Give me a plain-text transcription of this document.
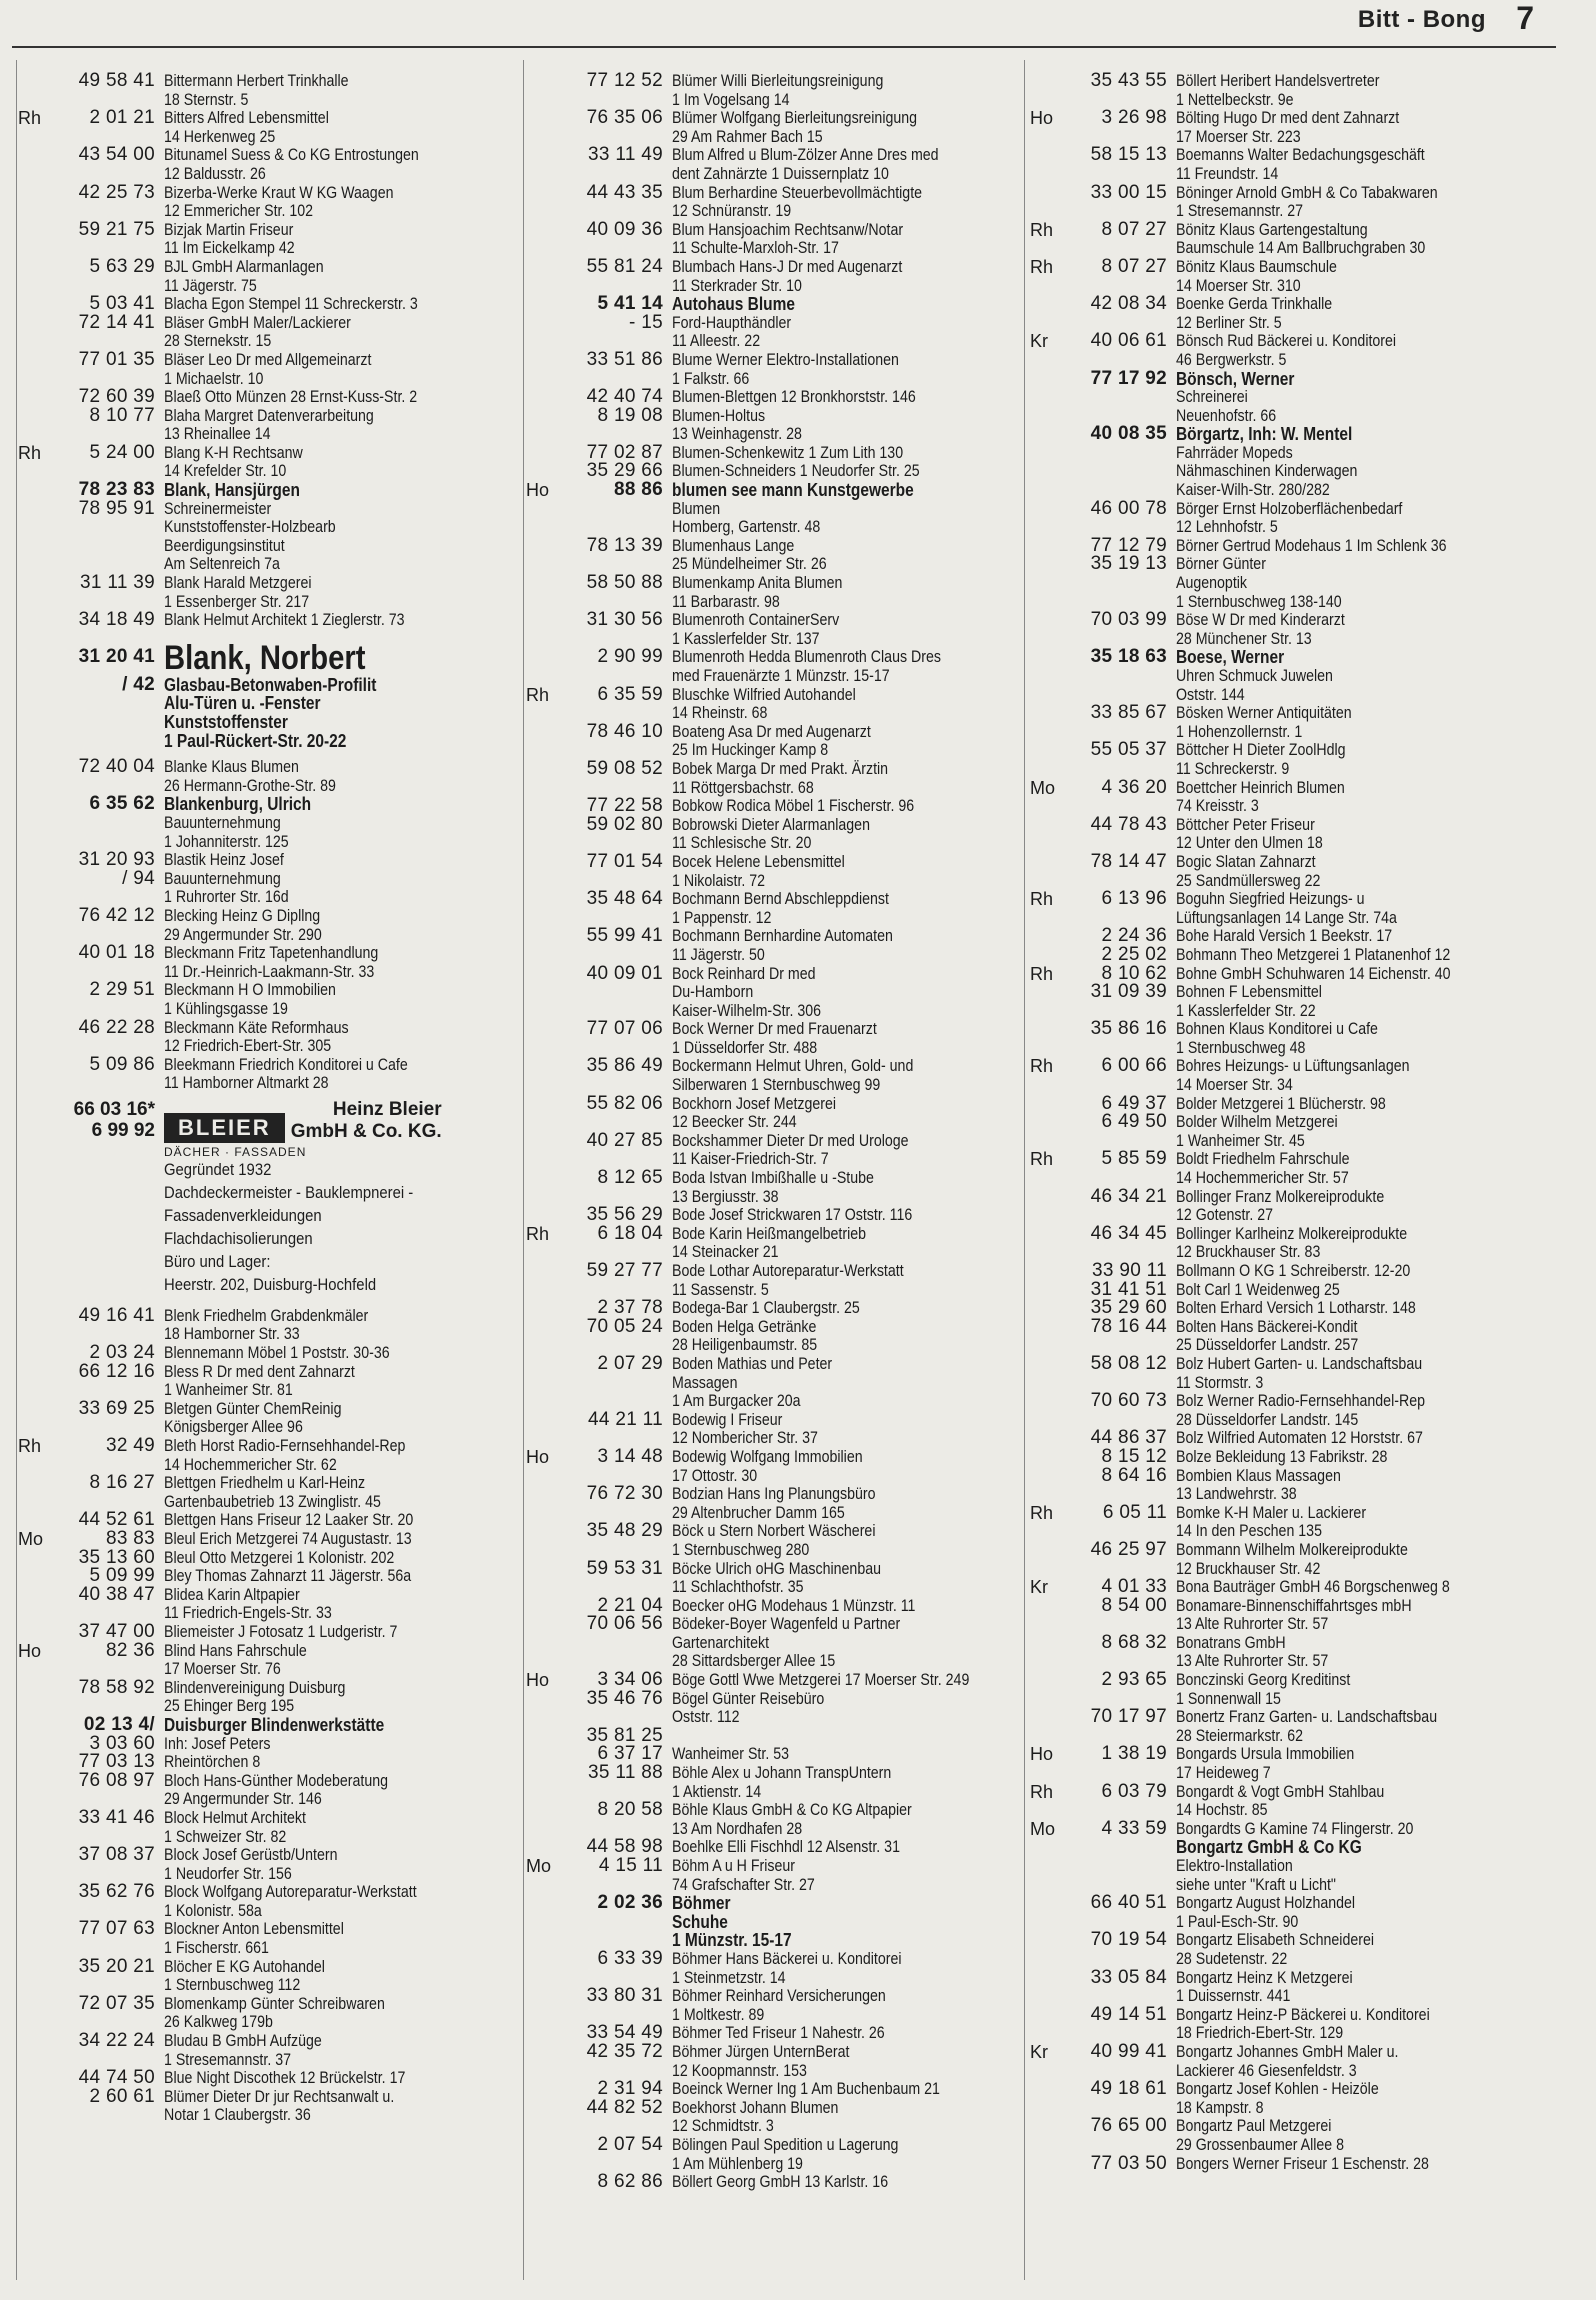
Bitt - Bong 7
49 58 41 Bittermann Herbert Trinkhalle
18 Sternstr. 5
Rh	2 01 21 Bitters Alfred Lebensmittel
14 Herkenweg 25
43 54 00 Bitunamel Suess & Co KG Entrostungen
12 Baldusstr. 26
42 25 73 Bizerba-Werke Kraut W KG Waagen
12 Emmericher Str. 102
59 21 75 Bizjak Martin Friseur
11 Im Eickelkamp 42
5 63 29 BJL GmbH Alarmanlagen
11 Jägerstr. 75
5 03 41 Blacha Egon Stempel 11 Schreckerstr. 3
72 14 41 Bläser GmbH Maler/Lackierer
28 Sternekstr. 15
77 01 35 Bläser Leo Dr med Allgemeinarzt
1 Michaelstr. 10
72 60 39 Blaeß Otto Münzen 28 Ernst-Kuss-Str. 2
8 10 77 Blaha Margret Datenverarbeitung
13 Rheinallee 14
Rh	5 24 00 Blang K-H Rechtsanw
14 Krefelder Str. 10
78 23 83 Blank, Hansjürgen
78 95 91 Schreinermeister
Kunststoffenster-Holzbearb
Beerdigungsinstitut
Am Seltenreich 7a
31 11 39 Blank Harald Metzgerei
1 Essenberger Str. 217
34 18 49 Blank Helmut Architekt 1 Zieglerstr. 73
31 20 41 Blank, Norbert
/ 42 Glasbau-Betonwaben-Profilit
Alu-Türen u. -Fenster
Kunststoffenster
1 Paul-Rückert-Str. 20-22
72 40 04 Blanke Klaus Blumen
26 Hermann-Grothe-Str. 89
6 35 62 Blankenburg, Ulrich
Bauunternehmung
1 Johanniterstr. 125
31 20 93 Blastik Heinz Josef
/ 94 Bauunternehmung
1 Ruhrorter Str. 16d
76 42 12 Blecking Heinz G Dipllng
29 Angermunder Str. 290
40 01 18 Bleckmann Fritz Tapetenhandlung
11 Dr.-Heinrich-Laakmann-Str. 33
2 29 51 Bleckmann H O Immobilien
1 Kühlingsgasse 19
46 22 28 Bleckmann Käte Reformhaus
12 Friedrich-Ebert-Str. 305
5 09 86 Bleekmann Friedrich Konditorei u Cafe
11 Hamborner Altmarkt 28
66 03 16*
6 99 92	BLEIER
Heinz Bleier
GmbH & Co. KG.
DÄCHER · FASSADEN
Gegründet 1932
Dachdeckermeister - Bauklempnerei -
Fassadenverkleidungen
Flachdachisolierungen
Büro und Lager:
Heerstr. 202, Duisburg-Hochfeld
49 16 41 Blenk Friedhelm Grabdenkmäler
18 Hamborner Str. 33
2 03 24 Blennemann Möbel 1 Poststr. 30-36
66 12 16 Bless R Dr med dent Zahnarzt
1 Wanheimer Str. 81
33 69 25 Bletgen Günter ChemReinig
Königsberger Allee 96
Rh	32 49 Bleth Horst Radio-Fernsehhandel-Rep
14 Hochemmericher Str. 62
8 16 27 Blettgen Friedhelm u Karl-Heinz
Gartenbaubetrieb 13 Zwinglistr. 45
44 52 61 Blettgen Hans Friseur 12 Laaker Str. 20
Mo	83 83 Bleul Erich Metzgerei 74 Augustastr. 13
35 13 60 Bleul Otto Metzgerei 1 Kolonistr. 202
5 09 99 Bley Thomas Zahnarzt 11 Jägerstr. 56a
40 38 47 Blidea Karin Altpapier
11 Friedrich-Engels-Str. 33
37 47 00 Bliemeister J Fotosatz 1 Ludgeristr. 7
Ho	82 36 Blind Hans Fahrschule
17 Moerser Str. 76
78 58 92 Blindenvereinigung Duisburg
25 Ehinger Berg 195
02 13 4/ Duisburger Blindenwerkstätte
3 03 60 Inh: Josef Peters
77 03 13 Rheintörchen 8
76 08 97 Bloch Hans-Günther Modeberatung
29 Angermunder Str. 146
33 41 46 Block Helmut Architekt
1 Schweizer Str. 82
37 08 37 Block Josef Gerüstb/Untern
1 Neudorfer Str. 156
35 62 76 Block Wolfgang Autoreparatur-Werkstatt
1 Kolonistr. 58a
77 07 63 Blockner Anton Lebensmittel
1 Fischerstr. 661
35 20 21 Blöcher E KG Autohandel
1 Sternbuschweg 112
72 07 35 Blomenkamp Günter Schreibwaren
26 Kalkweg 179b
34 22 24 Bludau B GmbH Aufzüge
1 Stresemannstr. 37
44 74 50 Blue Night Discothek 12 Brückelstr. 17
2 60 61 Blümer Dieter Dr jur Rechtsanwalt u.
Notar 1 Claubergstr. 36
77 12 52 Blümer Willi Bierleitungsreinigung
1 Im Vogelsang 14
76 35 06 Blümer Wolfgang Bierleitungsreinigung
29 Am Rahmer Bach 15
33 11 49 Blum Alfred u Blum-Zölzer Anne Dres med
dent Zahnärzte 1 Duissernplatz 10
44 43 35 Blum Berhardine Steuerbevollmächtigte
12 Schnüranstr. 19
40 09 36 Blum Hansjoachim Rechtsanw/Notar
11 Schulte-Marxloh-Str. 17
55 81 24 Blumbach Hans-J Dr med Augenarzt
11 Sterkrader Str. 10
5 41 14 Autohaus Blume
- 15 Ford-Haupthändler
11 Alleestr. 22
33 51 86 Blume Werner Elektro-Installationen
1 Falkstr. 66
42 40 74 Blumen-Blettgen 12 Bronkhorststr. 146
8 19 08 Blumen-Holtus
13 Weinhagenstr. 28
77 02 87 Blumen-Schenkewitz 1 Zum Lith 130
35 29 66 Blumen-Schneiders 1 Neudorfer Str. 25
Ho	88 86 blumen see mann Kunstgewerbe
Blumen
Homberg, Gartenstr. 48
78 13 39 Blumenhaus Lange
25 Mündelheimer Str. 26
58 50 88 Blumenkamp Anita Blumen
11 Barbarastr. 98
31 30 56 Blumenroth ContainerServ
1 Kasslerfelder Str. 137
2 90 99 Blumenroth Hedda Blumenroth Claus Dres
med Frauenärzte 1 Münzstr. 15-17
Rh	6 35 59 Bluschke Wilfried Autohandel
14 Rheinstr. 68
78 46 10 Boateng Asa Dr med Augenarzt
25 Im Huckinger Kamp 8
59 08 52 Bobek Marga Dr med Prakt. Ärztin
11 Röttgersbachstr. 68
77 22 58 Bobkow Rodica Möbel 1 Fischerstr. 96
59 02 80 Bobrowski Dieter Alarmanlagen
11 Schlesische Str. 20
77 01 54 Bocek Helene Lebensmittel
1 Nikolaistr. 72
35 48 64 Bochmann Bernd Abschleppdienst
1 Pappenstr. 12
55 99 41 Bochmann Bernhardine Automaten
11 Jägerstr. 50
40 09 01 Bock Reinhard Dr med
Du-Hamborn
Kaiser-Wilhelm-Str. 306
77 07 06 Bock Werner Dr med Frauenarzt
1 Düsseldorfer Str. 488
35 86 49 Bockermann Helmut Uhren, Gold- und
Silberwaren 1 Sternbuschweg 99
55 82 06 Bockhorn Josef Metzgerei
12 Beecker Str. 244
40 27 85 Bockshammer Dieter Dr med Urologe
11 Kaiser-Friedrich-Str. 7
8 12 65 Boda Istvan Imbißhalle u -Stube
13 Bergiusstr. 38
35 56 29 Bode Josef Strickwaren 17 Oststr. 116
Rh	6 18 04 Bode Karin Heißmangelbetrieb
14 Steinacker 21
59 27 77 Bode Lothar Autoreparatur-Werkstatt
11 Sassenstr. 5
2 37 78 Bodega-Bar 1 Claubergstr. 25
70 05 24 Boden Helga Getränke
28 Heiligenbaumstr. 85
2 07 29 Boden Mathias und Peter
Massagen
1 Am Burgacker 20a
44 21 11 Bodewig I Friseur
12 Nombericher Str. 37
Ho	3 14 48 Bodewig Wolfgang Immobilien
17 Ottostr. 30
76 72 30 Bodzian Hans Ing Planungsbüro
29 Altenbrucher Damm 165
35 48 29 Böck u Stern Norbert Wäscherei
1 Sternbuschweg 280
59 53 31 Böcke Ulrich oHG Maschinenbau
11 Schlachthofstr. 35
2 21 04 Boecker oHG Modehaus 1 Münzstr. 11
70 06 56 Bödeker-Boyer Wagenfeld u Partner
Gartenarchitekt
28 Sittardsberger Allee 15
Ho	3 34 06 Böge Gottl Wwe Metzgerei 17 Moerser Str. 249
35 46 76 Bögel Günter Reisebüro
Oststr. 112
35 81 25
6 37 17 Wanheimer Str. 53
35 11 88 Böhle Alex u Johann TranspUntern
1 Aktienstr. 14
8 20 58 Böhle Klaus GmbH & Co KG Altpapier
13 Am Nordhafen 28
44 58 98 Boehlke Elli Fischhdl 12 Alsenstr. 31
Mo	4 15 11 Böhm A u H Friseur
74 Grafschafter Str. 27
2 02 36 Böhmer
Schuhe
1 Münzstr. 15-17
6 33 39 Böhmer Hans Bäckerei u. Konditorei
1 Steinmetzstr. 14
33 80 31 Böhmer Reinhard Versicherungen
1 Moltkestr. 89
33 54 49 Böhmer Ted Friseur 1 Nahestr. 26
42 35 72 Böhmer Jürgen UnternBerat
12 Koopmannstr. 153
2 31 94 Boeinck Werner Ing 1 Am Buchenbaum 21
44 82 52 Boekhorst Johann Blumen
12 Schmidtstr. 3
2 07 54 Bölingen Paul Spedition u Lagerung
1 Am Mühlenberg 19
8 62 86 Böllert Georg GmbH 13 Karlstr. 16
35 43 55 Böllert Heribert Handelsvertreter
1 Nettelbeckstr. 9e
Ho	3 26 98 Bölting Hugo Dr med dent Zahnarzt
17 Moerser Str. 223
58 15 13 Boemanns Walter Bedachungsgeschäft
11 Freundstr. 14
33 00 15 Böninger Arnold GmbH & Co Tabakwaren
1 Stresemannstr. 27
Rh	8 07 27 Bönitz Klaus Gartengestaltung
Baumschule 14 Am Ballbruchgraben 30
Rh	8 07 27 Bönitz Klaus Baumschule
14 Moerser Str. 310
42 08 34 Boenke Gerda Trinkhalle
12 Berliner Str. 5
Kr	40 06 61 Bönsch Rud Bäckerei u. Konditorei
46 Bergwerkstr. 5
77 17 92 Bönsch, Werner
Schreinerei
Neuenhofstr. 66
40 08 35 Börgartz, Inh: W. Mentel
Fahrräder Mopeds
Nähmaschinen Kinderwagen
Kaiser-Wilh-Str. 280/282
46 00 78 Börger Ernst Holzoberflächenbedarf
12 Lehnhofstr. 5
77 12 79 Börner Gertrud Modehaus 1 Im Schlenk 36
35 19 13 Börner Günter
Augenoptik
1 Sternbuschweg 138-140
70 03 99 Böse W Dr med Kinderarzt
28 Münchener Str. 13
35 18 63 Boese, Werner
Uhren Schmuck Juwelen
Oststr. 144
33 85 67 Bösken Werner Antiquitäten
1 Hohenzollernstr. 1
55 05 37 Böttcher H Dieter ZoolHdlg
11 Schreckerstr. 9
Mo	4 36 20 Boettcher Heinrich Blumen
74 Kreisstr. 3
44 78 43 Böttcher Peter Friseur
12 Unter den Ulmen 18
78 14 47 Bogic Slatan Zahnarzt
25 Sandmüllersweg 22
Rh	6 13 96 Boguhn Siegfried Heizungs- u
Lüftungsanlagen 14 Lange Str. 74a
2 24 36 Bohe Harald Versich 1 Beekstr. 17
2 25 02 Bohmann Theo Metzgerei 1 Platanenhof 12
Rh	8 10 62 Bohne GmbH Schuhwaren 14 Eichenstr. 40
31 09 39 Bohnen F Lebensmittel
1 Kasslerfelder Str. 22
35 86 16 Bohnen Klaus Konditorei u Cafe
1 Sternbuschweg 48
Rh	6 00 66 Bohres Heizungs- u Lüftungsanlagen
14 Moerser Str. 34
6 49 37 Bolder Metzgerei 1 Blücherstr. 98
6 49 50 Bolder Wilhelm Metzgerei
1 Wanheimer Str. 45
Rh	5 85 59 Boldt Friedhelm Fahrschule
14 Hochemmericher Str. 57
46 34 21 Bollinger Franz Molkereiprodukte
12 Gotenstr. 27
46 34 45 Bollinger Karlheinz Molkereiprodukte
12 Bruckhauser Str. 83
33 90 11 Bollmann O KG 1 Schreiberstr. 12-20
31 41 51 Bolt Carl 1 Weidenweg 25
35 29 60 Bolten Erhard Versich 1 Lotharstr. 148
78 16 44 Bolten Hans Bäckerei-Kondit
25 Düsseldorfer Landstr. 257
58 08 12 Bolz Hubert Garten- u. Landschaftsbau
11 Stormstr. 3
70 60 73 Bolz Werner Radio-Fernsehhandel-Rep
28 Düsseldorfer Landstr. 145
44 86 37 Bolz Wilfried Automaten 12 Horststr. 67
8 15 12 Bolze Bekleidung 13 Fabrikstr. 28
8 64 16 Bombien Klaus Massagen
13 Landwehrstr. 38
Rh	6 05 11 Bomke K-H Maler u. Lackierer
14 In den Peschen 135
46 25 97 Bommann Wilhelm Molkereiprodukte
12 Bruckhauser Str. 42
Kr	4 01 33 Bona Bauträger GmbH 46 Borgschenweg 8
8 54 00 Bonamare-Binnenschiffahrtsges mbH
13 Alte Ruhrorter Str. 57
8 68 32 Bonatrans GmbH
13 Alte Ruhrorter Str. 57
2 93 65 Bonczinski Georg Kreditinst
1 Sonnenwall 15
70 17 97 Bonertz Franz Garten- u. Landschaftsbau
28 Steiermarkstr. 62
Ho	1 38 19 Bongards Ursula Immobilien
17 Heideweg 7
Rh	6 03 79 Bongardt & Vogt GmbH Stahlbau
14 Hochstr. 85
Mo	4 33 59 Bongardts G Kamine 74 Flingerstr. 20
Bongartz GmbH & Co KG
Elektro-Installation
siehe unter "Kraft u Licht"
66 40 51 Bongartz August Holzhandel
1 Paul-Esch-Str. 90
70 19 54 Bongartz Elisabeth Schneiderei
28 Sudetenstr. 22
33 05 84 Bongartz Heinz K Metzgerei
1 Duissernstr. 441
49 14 51 Bongartz Heinz-P Bäckerei u. Konditorei
18 Friedrich-Ebert-Str. 129
Kr	40 99 41 Bongartz Johannes GmbH Maler u.
Lackierer 46 Giesenfeldstr. 3
49 18 61 Bongartz Josef Kohlen - Heizöle
18 Kampstr. 8
76 65 00 Bongartz Paul Metzgerei
29 Grossenbaumer Allee 8
77 03 50 Bongers Werner Friseur 1 Eschenstr. 28
